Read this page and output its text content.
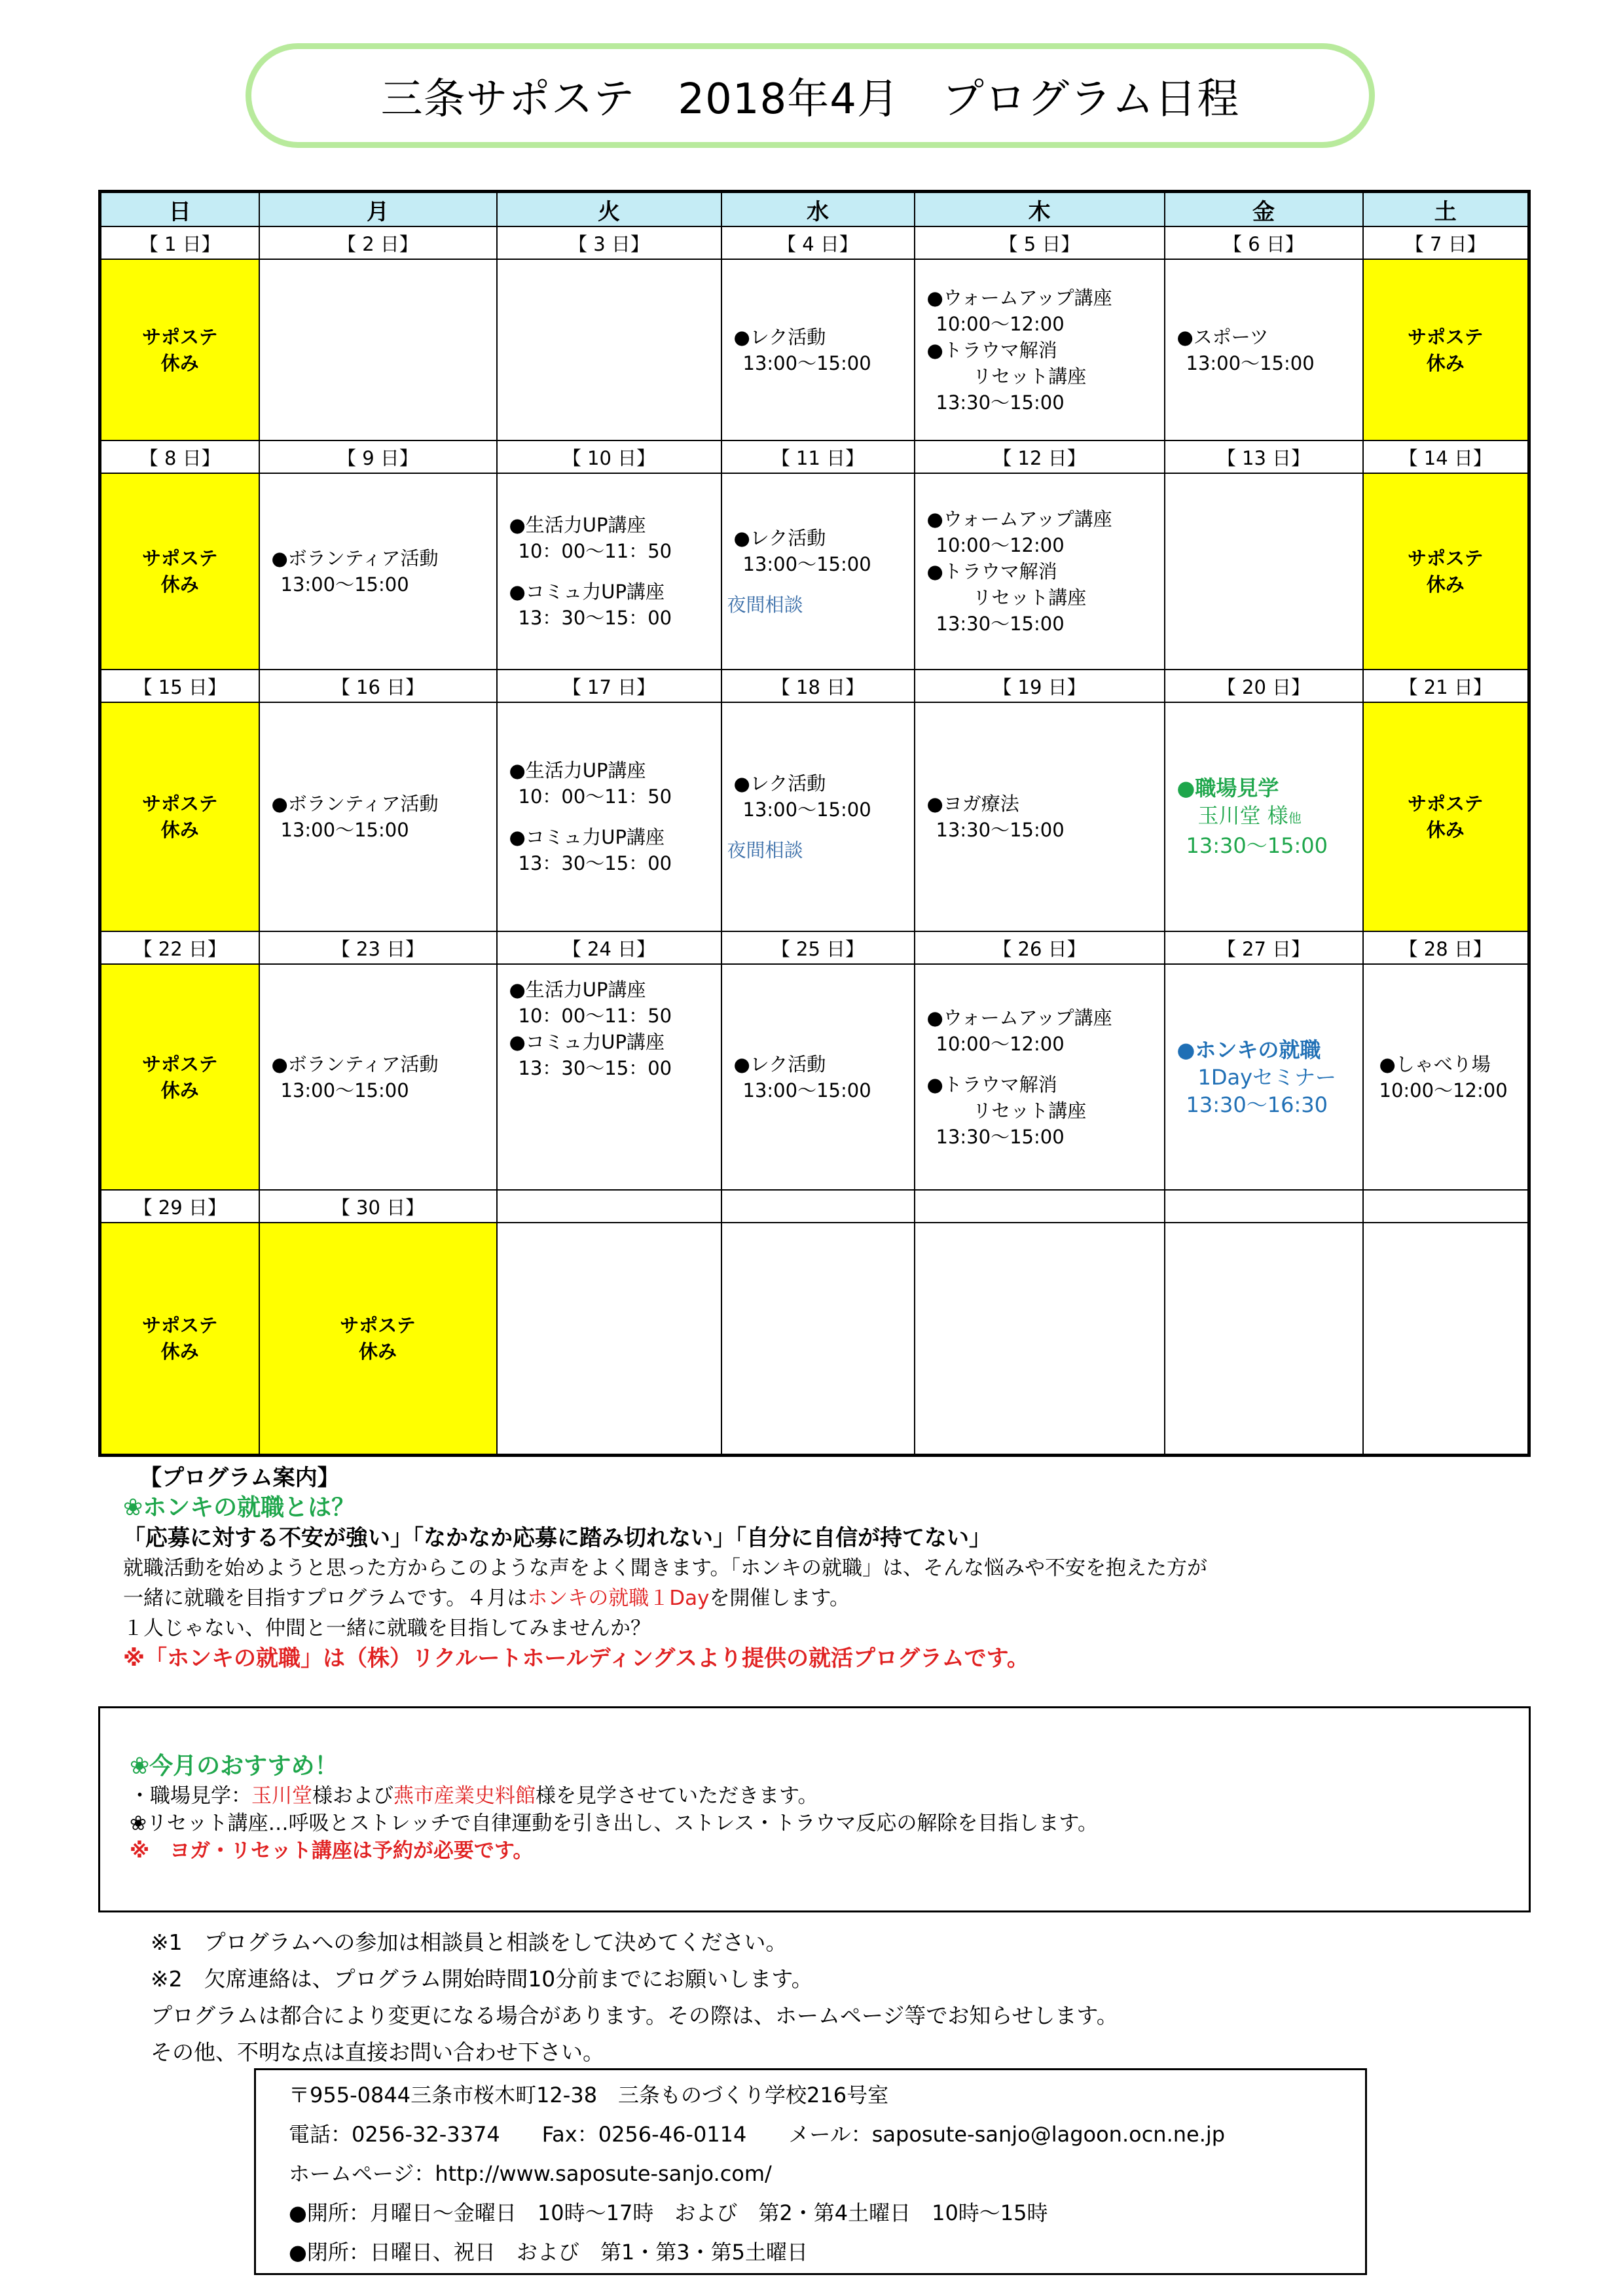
三条サポステ　2018年4月　プログラム日程
日	月	火	水	木	金	土
【 1 日】	【 2 日】	【 3 日】	【 4 日】	【 5 日】	【 6 日】	【 7 日】

サポステ
休み			●レク活動
13:00～15:00	●ウォームアップ講座
10:00～12:00
●トラウマ解消
リセット講座
13:30～15:00	●スポーツ
13:00～15:00	サポステ
休み

【 8 日】	【 9 日】	【 10 日】	【 11 日】	【 12 日】	【 13 日】	【 14 日】

サポステ
休み	●ボランティア活動
13:00～15:00	●生活力UP講座
10：00～11：50
●コミュ力UP講座
13：30～15：00	●レク活動
13:00～15:00
夜間相談	●ウォームアップ講座
10:00～12:00
●トラウマ解消
リセット講座
13:30～15:00		サポステ
休み

【 15 日】	【 16 日】	【 17 日】	【 18 日】	【 19 日】	【 20 日】	【 21 日】

サポステ
休み	●ボランティア活動
13:00～15:00	●生活力UP講座
10：00～11：50
●コミュ力UP講座
13：30～15：00	●レク活動
13:00～15:00
夜間相談	●ヨガ療法
13:30～15:00	●職場見学
玉川堂 様他
13:30～15:00	サポステ
休み

【 22 日】	【 23 日】	【 24 日】	【 25 日】	【 26 日】	【 27 日】	【 28 日】

サポステ
休み	●ボランティア活動
13:00～15:00	●生活力UP講座
10：00～11：50
●コミュ力UP講座
13：30～15：00	●レク活動
13:00～15:00	●ウォームアップ講座
10:00～12:00
●トラウマ解消
リセット講座
13:30～15:00	●ホンキの就職
1Dayセミナー
13:30～16:30	●しゃべり場
10:00～12:00

【 29 日】	【 30 日】					

サポステ
休み	サポステ
休み					

【プログラム案内】
❀ホンキの就職とは？
「応募に対する不安が強い」「なかなか応募に踏み切れない」「自分に自信が持てない」
就職活動を始めようと思った方からこのような声をよく聞きます。「ホンキの就職」は、そんな悩みや不安を抱えた方が
一緒に就職を目指すプログラムです。４月はホンキの就職１Dayを開催します。
１人じゃない、仲間と一緒に就職を目指してみませんか？
※「ホンキの就職」は（株）リクルートホールディングスより提供の就活プログラムです。
❀今月のおすすめ！
・職場見学：玉川堂様および燕市産業史料館様を見学させていただきます。
❀リセット講座…呼吸とストレッチで自律運動を引き出し、ストレス・トラウマ反応の解除を目指します。
※　ヨガ・リセット講座は予約が必要です。
※1　プログラムへの参加は相談員と相談をして決めてください。
※2　欠席連絡は、プログラム開始時間10分前までにお願いします。
プログラムは都合により変更になる場合があります。その際は、ホームページ等でお知らせします。
その他、不明な点は直接お問い合わせ下さい。
〒955-0844三条市桜木町12-38　三条ものづくり学校216号室
電話：0256-32-3374　　Fax：0256-46-0114　　メール：saposute-sanjo@lagoon.ocn.ne.jp
ホームページ：http://www.saposute-sanjo.com/
●開所：月曜日～金曜日　10時～17時　および　第2・第4土曜日　10時～15時
●閉所：日曜日、祝日　および　第1・第3・第5土曜日
